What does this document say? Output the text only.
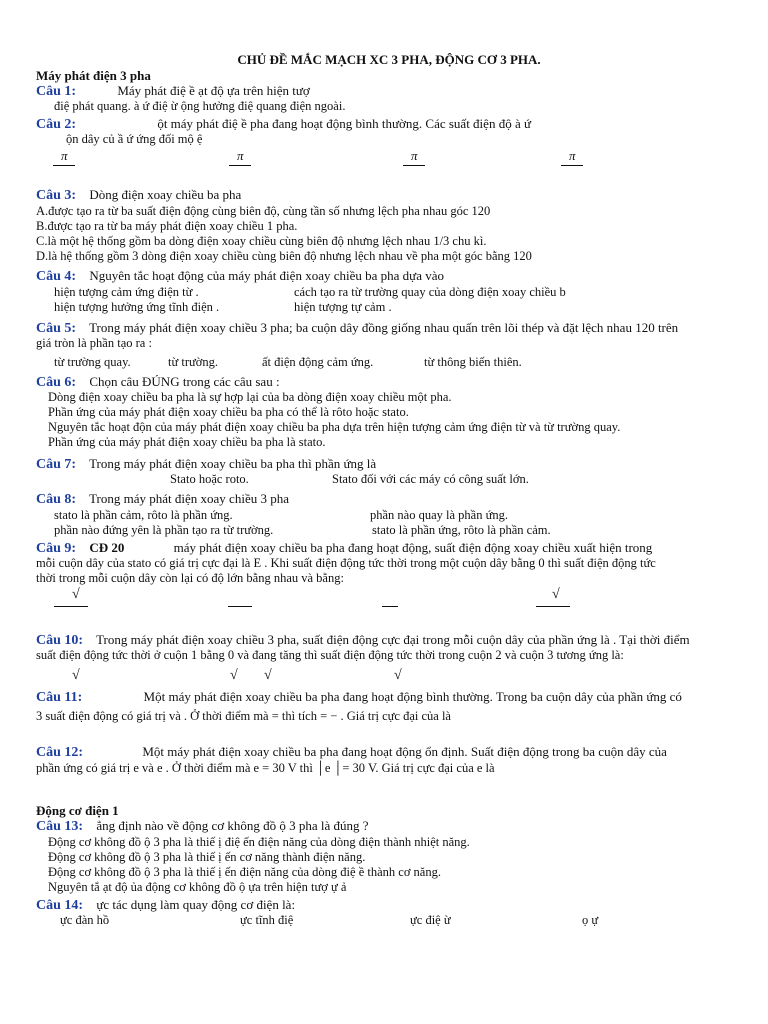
CHỦ ĐỀ MẮC MẠCH XC 3 PHA, ĐỘNG CƠ 3 PHA.
Máy phát điện 3 pha
Câu 1:	Máy phát điệ ề ạt độ ựa trên hiện tượ
điệ phát quang. à ứ điệ ừ ộng hưởng điệ quang điện ngoài.
Câu 2:	ột máy phát điệ ề pha đang hoạt động bình thường. Các suất điện độ à ứ
ộn dây củ ầ ứ ứng đối mộ ệ
π	π	π	π
Câu 3: Dòng điện xoay chiều ba pha
A.được tạo ra từ ba suất điện động cùng biên độ, cùng tần số nhưng lệch pha nhau góc 120
B.được tạo ra từ ba máy phát điện xoay chiều 1 pha.
C.là một hệ thống gồm ba dòng điện xoay chiều cùng biên độ nhưng lệch nhau 1/3 chu kì.
D.là hệ thống gồm 3 dòng điện xoay chiều cùng biên độ nhưng lệch nhau về pha một góc bằng 120
Câu 4: Nguyên tắc hoạt động của máy phát điện xoay chiều ba pha dựa vào
hiện tượng cảm ứng điện từ .	cách tạo ra từ trường quay của dòng điện xoay chiều b
hiện tượng hưởng ứng tĩnh điện .	hiện tượng tự cảm .
Câu 5: Trong máy phát điện xoay chiều 3 pha; ba cuộn dây đồng giống nhau quấn trên lõi thép và đặt lệch nhau 120 trên
giá tròn là phần tạo ra :
từ trường quay.	từ trường.	ất điện động cảm ứng.	từ thông biến thiên.
Câu 6: Chọn câu ĐÚNG trong các câu sau :
Dòng điện xoay chiều ba pha là sự hợp lại của ba dòng điện xoay chiều một pha.
Phần ứng của máy phát điện xoay chiều ba pha có thể là rôto hoặc stato.
Nguyên tắc hoạt độn của máy phát điện xoay chiều ba pha dựa trên hiện tượng cảm ứng điện từ và từ trường quay.
Phần ứng của máy phát điện xoay chiều ba pha là stato.
Câu 7: Trong máy phát điện xoay chiều ba pha thì phần ứng là
Stato hoặc roto.	Stato đối với các máy có công suất lớn.
Câu 8: Trong máy phát điện xoay chiều 3 pha
stato là phần cảm, rôto là phần ứng.	phần nào quay là phần ứng.
phần nào đứng yên là phần tạo ra từ trường.	stato là phần ứng, rôto là phần cảm.
Câu 9: CĐ 20	máy phát điện xoay chiều ba pha đang hoạt động, suất điện động xoay chiều xuất hiện trong
mỗi cuộn dây của stato có giá trị cực đại là E . Khi suất điện động tức thời trong một cuộn dây bằng 0 thì suất điện động tức
thời trong mỗi cuộn dây còn lại có độ lớn bằng nhau và bằng:
√	√
Câu 10: Trong máy phát điện xoay chiều 3 pha, suất điện động cực đại trong mỗi cuộn dây của phần ứng là . Tại thời điểm
suất điện động tức thời ở cuộn 1 bằng 0 và đang tăng thì suất điện động tức thời trong cuộn 2 và cuộn 3 tương ứng là:
√	√ √	√
Câu 11:	Một máy phát điện xoay chiều ba pha đang hoạt động bình thường. Trong ba cuộn dây của phần ứng có
3 suất điện động có giá trị và . Ở thời điểm mà = thì tích = − . Giá trị cực đại của là
Câu 12:	Một máy phát điện xoay chiều ba pha đang hoạt động ổn định. Suất điện động trong ba cuộn dây của
phần ứng có giá trị e và e . Ở thời điểm mà e = 30 V thì │e │= 30 V. Giá trị cực đại của e là
Động cơ điện 1
Câu 13: ẳng định nào về động cơ không đồ ộ 3 pha là đúng ?
Động cơ không đồ ộ 3 pha là thiế ị điệ ến điện năng của dòng điện thành nhiệt năng.
Động cơ không đồ ộ 3 pha là thiế ị ến cơ năng thành điện năng.
Động cơ không đồ ộ 3 pha là thiế ị ến điện năng của dòng điệ ề thành cơ năng.
Nguyên tắ ạt độ ủa động cơ không đồ ộ ựa trên hiện tượ ự ả
Câu 14: ực tác dụng làm quay động cơ điện là:
ực đàn hồ	ực tĩnh điệ	ực điệ ừ	ọ ự
